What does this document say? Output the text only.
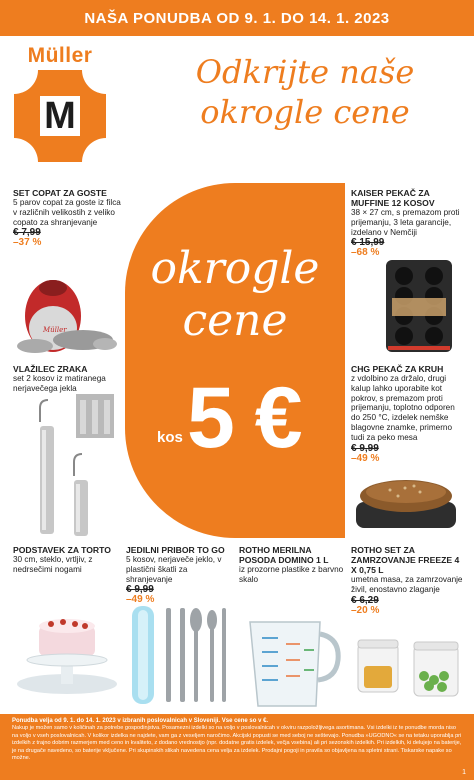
NAŠA PONUDBA OD 9. 1. DO 14. 1. 2023
Müller
M
Odkrijte naše
okrogle cene
okrogle
cene
kos 5 €
SET COPAT ZA GOSTE
5 parov copat za goste iz filca v različnih velikostih z veliko copato za shranjevanje
€ 7,99
–37 %
Müller
KAISER PEKAČ ZA MUFFINE 12 KOSOV
38 × 27 cm, s premazom proti prijemanju, 3 leta garancije, izdelano v Nemčiji
€ 15,99
–68 %
VLAŽILEC ZRAKA
set 2 kosov iz matiranega nerjavečega jekla
CHG PEKAČ ZA KRUH
z vdolbino za držalo, drugi kalup lahko uporabite kot pokrov, s premazom proti prijemanju, toplotno odporen do 250 °C, izdelek nemške blagovne znamke, primerno tudi za peko mesa
€ 9,99
–49 %
PODSTAVEK ZA TORTO
30 cm, steklo, vrtljiv, z nedrsečimi nogami
JEDILNI PRIBOR TO GO
5 kosov, nerjaveče jeklo, v plastični škatli za shranjevanje
€ 9,99
–49 %
ROTHO MERILNA POSODA DOMINO 1 L
iz prozorne plastike z barvno skalo
ROTHO SET ZA ZAMRZOVANJE FREEZE 4 X 0,75 L
umetna masa, za zamrzovanje živil, enostavno zlaganje
€ 6,29
–20 %
Ponudba velja od 9. 1. do 14. 1. 2023 v izbranih poslovalnicah v Sloveniji. Vse cene so v €.
Nakup je možen samo v količinah za potrebe gospodinjstva. Posamezni izdelki so na voljo v poslovalnicah v okviru razpoložljivega asortimana. Vsi izdelki iz te ponudbe morda niso na voljo v vseh poslovalnicah. V kolikor izdelka ne najdete, vam ga z veseljem naročimo. Akcijski popusti se med seboj ne seštevajo. Ponudba »UGODNO« se na tetaku uporablja pri izdelkih z trajno dobrim razmerjem med ceno in kvaliteto, z dodano vrednostjo (npr. dodatne gratis izdelek, večja vsebina) ali pri sezonskih izdelkih. Pri izdelkih, ki delujejo na baterije, je na drugače navedeno, so baterije vključene. Pri skupinskih slikah navedena cena velja za izdelek. Prodajni pogoji in pravila so objavljena na spletni strani. Tiskarske napake so možne.
1
